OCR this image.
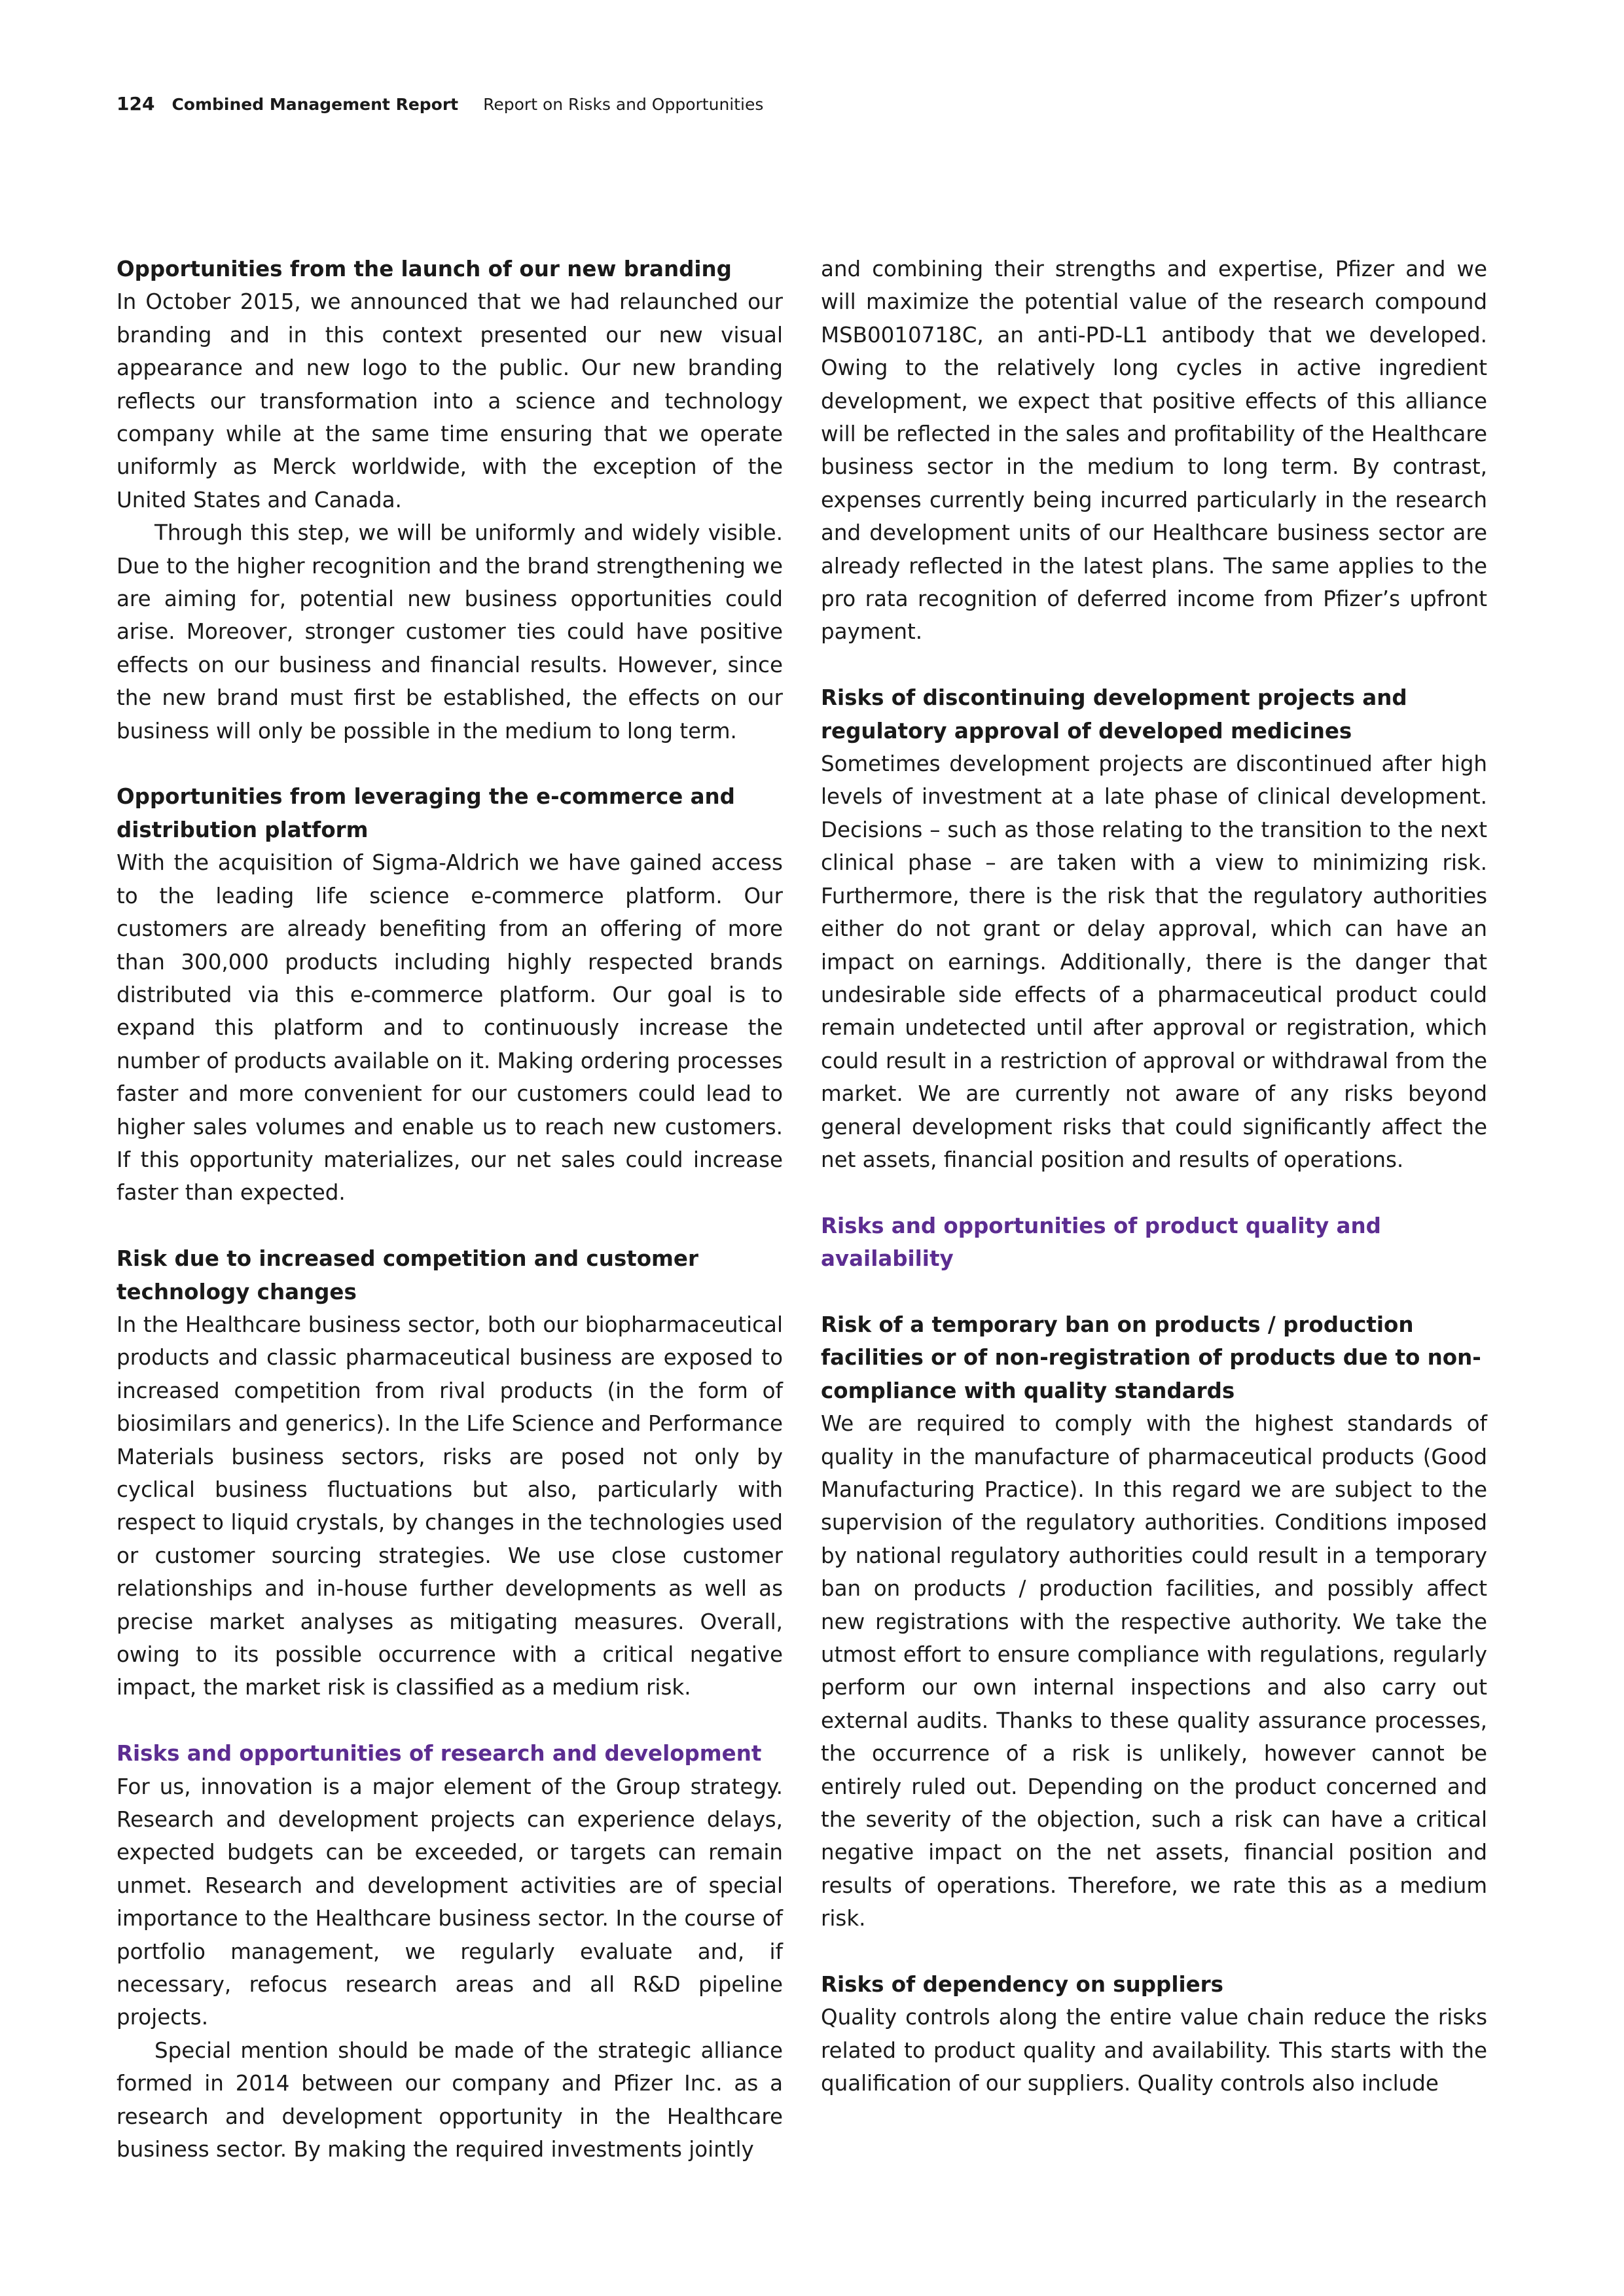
124 Combined Management Report Report on Risks and Opportunities
Opportunities from the launch of our new branding

In October 2015, we announced that we had relaunched our branding and in this context presented our new visual appearance and new logo to the public. Our new branding reflects our transformation into a science and technology company while at the same time ensuring that we operate uniformly as Merck worldwide, with the exception of the United States and Canada.

Through this step, we will be uniformly and widely visible. Due to the higher recognition and the brand strengthening we are aiming for, potential new business opportunities could arise. Moreover, stronger customer ties could have positive effects on our business and financial results. However, since the new brand must first be established, the effects on our business will only be possible in the medium to long term.

Opportunities from leveraging the e-commerce and distribution platform

With the acquisition of Sigma-Aldrich we have gained access to the leading life science e-commerce platform. Our customers are already benefiting from an offering of more than 300,000 products including highly respected brands distributed via this e-commerce platform. Our goal is to expand this platform and to continuously increase the number of products available on it. Making ordering processes faster and more convenient for our customers could lead to higher sales volumes and enable us to reach new customers. If this opportunity materializes, our net sales could increase faster than expected.

Risk due to increased competition and customer technology changes

In the Healthcare business sector, both our biopharmaceutical products and classic pharmaceutical business are exposed to increased competition from rival products (in the form of biosimilars and generics). In the Life Science and Performance Materials business sectors, risks are posed not only by cyclical business fluctuations but also, particularly with respect to liquid crystals, by changes in the technologies used or customer sourcing strategies. We use close customer relationships and in-house further developments as well as precise market analyses as mitigating measures. Overall, owing to its possible occurrence with a critical negative impact, the market risk is classified as a medium risk.

Risks and opportunities of research and development

For us, innovation is a major element of the Group strategy. Research and development projects can experience delays, expected budgets can be exceeded, or targets can remain unmet. Research and development activities are of special importance to the Healthcare business sector. In the course of portfolio management, we regularly evaluate and, if necessary, refocus research areas and all R&D pipeline projects.

Special mention should be made of the strategic alliance formed in 2014 between our company and Pfizer Inc. as a research and development opportunity in the Healthcare business sector. By making the required investments jointly

and combining their strengths and expertise, Pfizer and we will maximize the potential value of the research compound MSB0010718C, an anti-PD-L1 antibody that we developed. Owing to the relatively long cycles in active ingredient development, we expect that positive effects of this alliance will be reflected in the sales and profitability of the Healthcare business sector in the medium to long term. By contrast, expenses currently being incurred particularly in the research and development units of our Healthcare business sector are already reflected in the latest plans. The same applies to the pro rata recognition of deferred income from Pfizer’s upfront payment.

Risks of discontinuing development projects and regulatory approval of developed medicines

Sometimes development projects are discontinued after high levels of investment at a late phase of clinical development. Decisions – such as those relating to the transition to the next clinical phase – are taken with a view to minimizing risk. Furthermore, there is the risk that the regulatory authorities either do not grant or delay approval, which can have an impact on earnings. Additionally, there is the danger that undesirable side effects of a pharmaceutical product could remain undetected until after approval or registration, which could result in a restriction of approval or withdrawal from the market. We are currently not aware of any risks beyond general development risks that could significantly affect the net assets, financial position and results of operations.

Risks and opportunities of product quality and availability
Risk of a temporary ban on products / production facilities or of non-registration of products due to non-compliance with quality standards

We are required to comply with the highest standards of quality in the manufacture of pharmaceutical products (Good Manufacturing Practice). In this regard we are subject to the supervision of the regulatory authorities. Conditions imposed by national regulatory authorities could result in a temporary ban on products / production facilities, and possibly affect new registrations with the respective authority. We take the utmost effort to ensure compliance with regulations, regularly perform our own internal inspections and also carry out external audits. Thanks to these quality assurance processes, the occurrence of a risk is unlikely, however cannot be entirely ruled out. Depending on the product concerned and the severity of the objection, such a risk can have a critical negative impact on the net assets, financial position and results of operations. Therefore, we rate this as a medium risk.

Risks of dependency on suppliers

Quality controls along the entire value chain reduce the risks related to product quality and availability. This starts with the qualification of our suppliers. Quality controls also include
